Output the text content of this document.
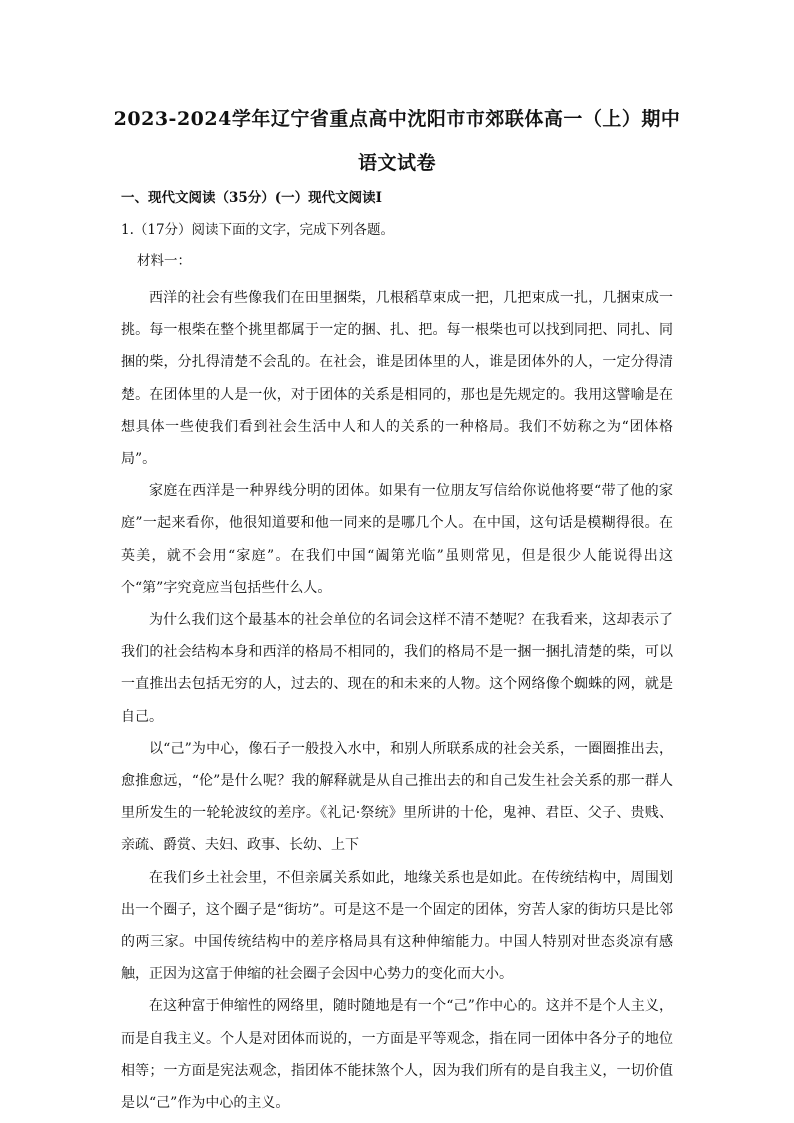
2023-2024学年辽宁省重点高中沈阳市市郊联体高一（上）期中
语文试卷
一、现代文阅读（35分）(一）现代文阅读Ⅰ
1.（17分）阅读下面的文字，完成下列各题。
材料一：

西洋的社会有些像我们在田里捆柴，几根稻草束成一把，几把束成一扎，几捆束成一挑。每一根柴在整个挑里都属于一定的捆、扎、把。每一根柴也可以找到同把、同扎、同捆的柴，分扎得清楚不会乱的。在社会，谁是团体里的人，谁是团体外的人，一定分得清楚。在团体里的人是一伙，对于团体的关系是相同的，那也是先规定的。我用这譬喻是在想具体一些使我们看到社会生活中人和人的关系的一种格局。我们不妨称之为“团体格局”。

家庭在西洋是一种界线分明的团体。如果有一位朋友写信给你说他将要“带了他的家庭”一起来看你，他很知道要和他一同来的是哪几个人。在中国，这句话是模糊得很。在英美，就不会用“家庭”。在我们中国“阖第光临”虽则常见，但是很少人能说得出这个“第”字究竟应当包括些什么人。

为什么我们这个最基本的社会单位的名词会这样不清不楚呢？在我看来，这却表示了我们的社会结构本身和西洋的格局不相同的，我们的格局不是一捆一捆扎清楚的柴，可以一直推出去包括无穷的人，过去的、现在的和未来的人物。这个网络像个蜘蛛的网，就是自己。

以“己”为中心，像石子一般投入水中，和别人所联系成的社会关系，一圈圈推出去，愈推愈远，“伦”是什么呢？我的解释就是从自己推出去的和自己发生社会关系的那一群人里所发生的一轮轮波纹的差序。《礼记·祭统》里所讲的十伦，鬼神、君臣、父子、贵贱、亲疏、爵赏、夫妇、政事、长幼、上下

在我们乡土社会里，不但亲属关系如此，地缘关系也是如此。在传统结构中，周围划出一个圈子，这个圈子是“街坊”。可是这不是一个固定的团体，穷苦人家的街坊只是比邻的两三家。中国传统结构中的差序格局具有这种伸缩能力。中国人特别对世态炎凉有感触，正因为这富于伸缩的社会圈子会因中心势力的变化而大小。

在这种富于伸缩性的网络里，随时随地是有一个“己”作中心的。这并不是个人主义，而是自我主义。个人是对团体而说的，一方面是平等观念，指在同一团体中各分子的地位相等；一方面是宪法观念，指团体不能抹煞个人，因为我们所有的是自我主义，一切价值是以“己”作为中心的主义。
